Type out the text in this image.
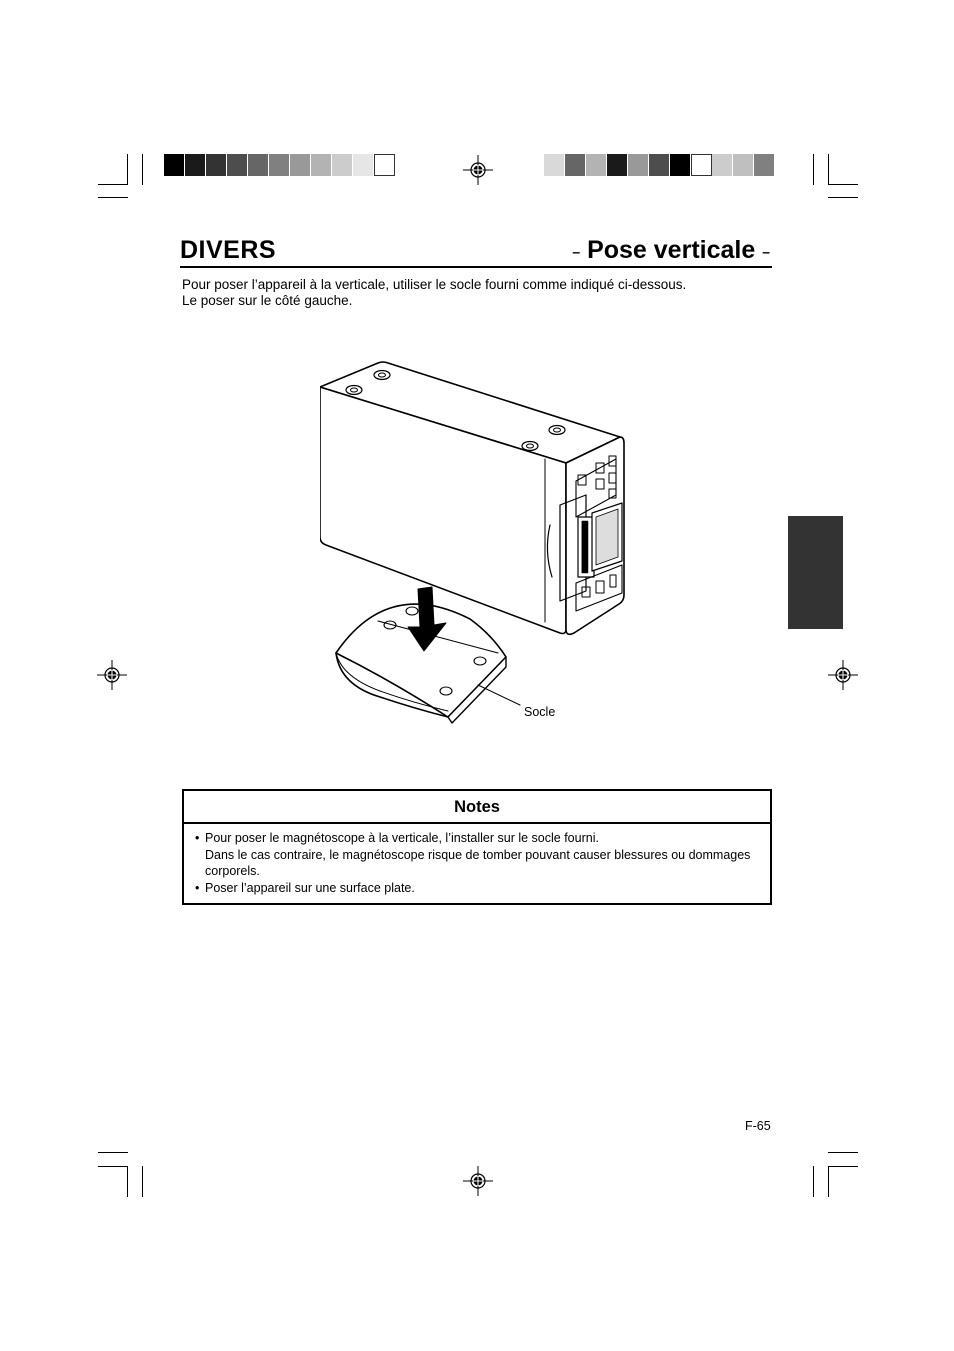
DIVERS	– Pose verticale –
Pour poser l’appareil à la verticale, utiliser le socle fourni comme indiqué ci-dessous.
Le poser sur le côté gauche.
Socle
Notes
• Pour poser le magnétoscope à la verticale, l’installer sur le socle fourni.
Dans le cas contraire, le magnétoscope risque de tomber pouvant causer blessures ou dommages corporels.
• Poser l’appareil sur une surface plate.
F-65
